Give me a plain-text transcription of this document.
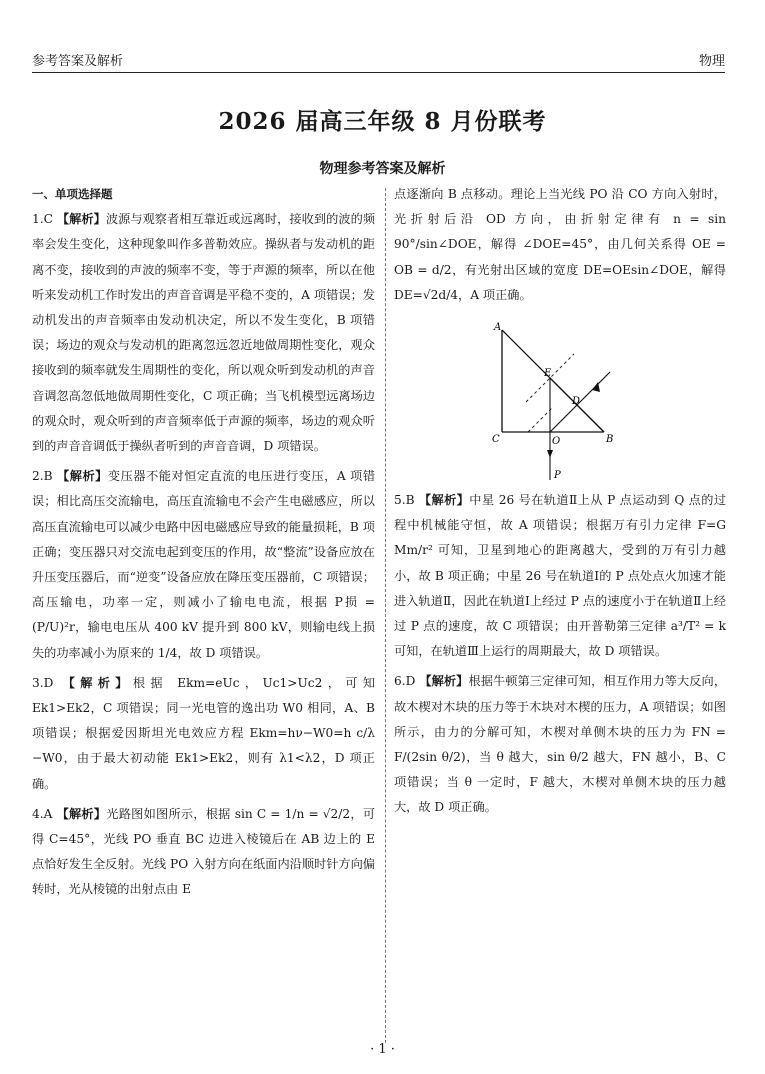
参考答案及解析	物理
2026 届高三年级 8 月份联考
物理参考答案及解析
一、单项选择题
1.C 【解析】波源与观察者相互靠近或远离时，接收到的波的频率会发生变化，这种现象叫作多普勒效应。操纵者与发动机的距离不变，接收到的声波的频率不变，等于声源的频率，所以在他听来发动机工作时发出的声音音调是平稳不变的，A 项错误；发动机发出的声音频率由发动机决定，所以不发生变化，B 项错误；场边的观众与发动机的距离忽远忽近地做周期性变化，观众接收到的频率就发生周期性的变化，所以观众听到发动机的声音音调忽高忽低地做周期性变化，C 项正确；当飞机模型远离场边的观众时，观众听到的声音频率低于声源的频率，场边的观众听到的声音音调低于操纵者听到的声音音调，D 项错误。
2.B 【解析】变压器不能对恒定直流的电压进行变压，A 项错误；相比高压交流输电，高压直流输电不会产生电磁感应，所以高压直流输电可以减少电路中因电磁感应导致的能量损耗，B 项正确；变压器只对交流电起到变压的作用，故“整流”设备应放在升压变压器后，而“逆变”设备应放在降压变压器前，C 项错误；高压输电，功率一定，则减小了输电电流，根据 P损 = (P/U)²r，输电电压从 400 kV 提升到 800 kV，则输电线上损失的功率减小为原来的 1/4，故 D 项错误。
3.D 【解析】根据 Ekm=eUc，Uc1>Uc2，可知 Ek1>Ek2，C 项错误；同一光电管的逸出功 W0 相同，A、B 项错误；根据爱因斯坦光电效应方程 Ekm=hν−W0=h c/λ −W0，由于最大初动能 Ek1>Ek2，则有 λ1<λ2，D 项正确。
4.A 【解析】光路图如图所示，根据 sin C = 1/n = √2/2，可得 C=45°，光线 PO 垂直 BC 边进入棱镜后在 AB 边上的 E 点恰好发生全反射。光线 PO 入射方向在纸面内沿顺时针方向偏转时，光从棱镜的出射点由 E
点逐渐向 B 点移动。理论上当光线 PO 沿 CO 方向入射时，光折射后沿 OD 方向，由折射定律有 n = sin 90°/sin∠DOE，解得 ∠DOE=45°，由几何关系得 OE = OB = d/2，有光射出区域的宽度 DE=OEsin∠DOE，解得 DE=√2d/4，A 项正确。
A
C	B
E
D
O
P
5.B 【解析】中星 26 号在轨道Ⅱ上从 P 点运动到 Q 点的过程中机械能守恒，故 A 项错误；根据万有引力定律 F=G Mm/r² 可知，卫星到地心的距离越大，受到的万有引力越小，故 B 项正确；中星 26 号在轨道Ⅰ的 P 点处点火加速才能进入轨道Ⅱ，因此在轨道Ⅰ上经过 P 点的速度小于在轨道Ⅱ上经过 P 点的速度，故 C 项错误；由开普勒第三定律 a³/T² = k 可知，在轨道Ⅲ上运行的周期最大，故 D 项错误。
6.D 【解析】根据牛顿第三定律可知，相互作用力等大反向，故木楔对木块的压力等于木块对木楔的压力，A 项错误；如图所示，由力的分解可知，木楔对单侧木块的压力为 FN = F/(2sin θ/2)，当 θ 越大，sin θ/2 越大，FN 越小，B、C 项错误；当 θ 一定时，F 越大，木楔对单侧木块的压力越大，故 D 项正确。
· 1 ·
